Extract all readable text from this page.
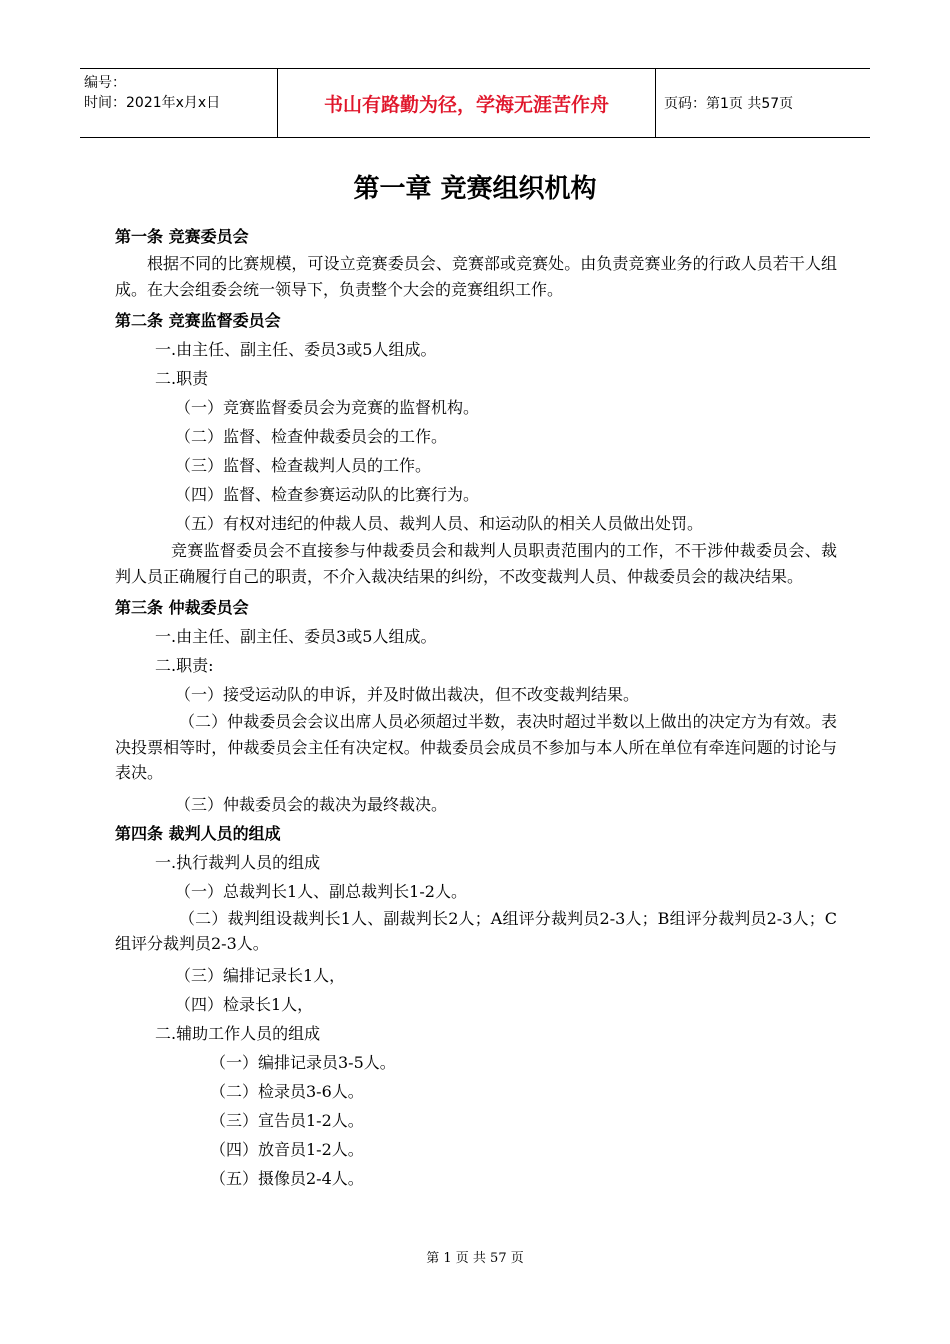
编号：
时间：2021年x月x日	书山有路勤为径，学海无涯苦作舟	页码：第1页 共57页
第一章 竞赛组织机构
第一条 竞赛委员会
根据不同的比赛规模，可设立竞赛委员会、竞赛部或竞赛处。由负责竞赛业务的行政人员若干人组成。在大会组委会统一领导下，负责整个大会的竞赛组织工作。
第二条 竞赛监督委员会
一.由主任、副主任、委员3或5人组成。
二.职责
（一）竞赛监督委员会为竞赛的监督机构。
（二）监督、检查仲裁委员会的工作。
（三）监督、检查裁判人员的工作。
（四）监督、检查参赛运动队的比赛行为。
（五）有权对违纪的仲裁人员、裁判人员、和运动队的相关人员做出处罚。
竞赛监督委员会不直接参与仲裁委员会和裁判人员职责范围内的工作，不干涉仲裁委员会、裁判人员正确履行自己的职责，不介入裁决结果的纠纷，不改变裁判人员、仲裁委员会的裁决结果。
第三条 仲裁委员会
一.由主任、副主任、委员3或5人组成。
二.职责:
（一）接受运动队的申诉，并及时做出裁决，但不改变裁判结果。
（二）仲裁委员会会议出席人员必须超过半数，表决时超过半数以上做出的决定方为有效。表决投票相等时，仲裁委员会主任有决定权。仲裁委员会成员不参加与本人所在单位有牵连问题的讨论与表决。
（三）仲裁委员会的裁决为最终裁决。
第四条 裁判人员的组成
一.执行裁判人员的组成
（一）总裁判长1人、副总裁判长1-2人。
（二）裁判组设裁判长1人、副裁判长2人；A组评分裁判员2-3人；B组评分裁判员2-3人；C组评分裁判员2-3人。
（三）编排记录长1人，
（四）检录长1人，
二.辅助工作人员的组成
（一）编排记录员3-5人。
（二）检录员3-6人。
（三）宣告员1-2人。
（四）放音员1-2人。
（五）摄像员2-4人。
第 1 页 共 57 页
